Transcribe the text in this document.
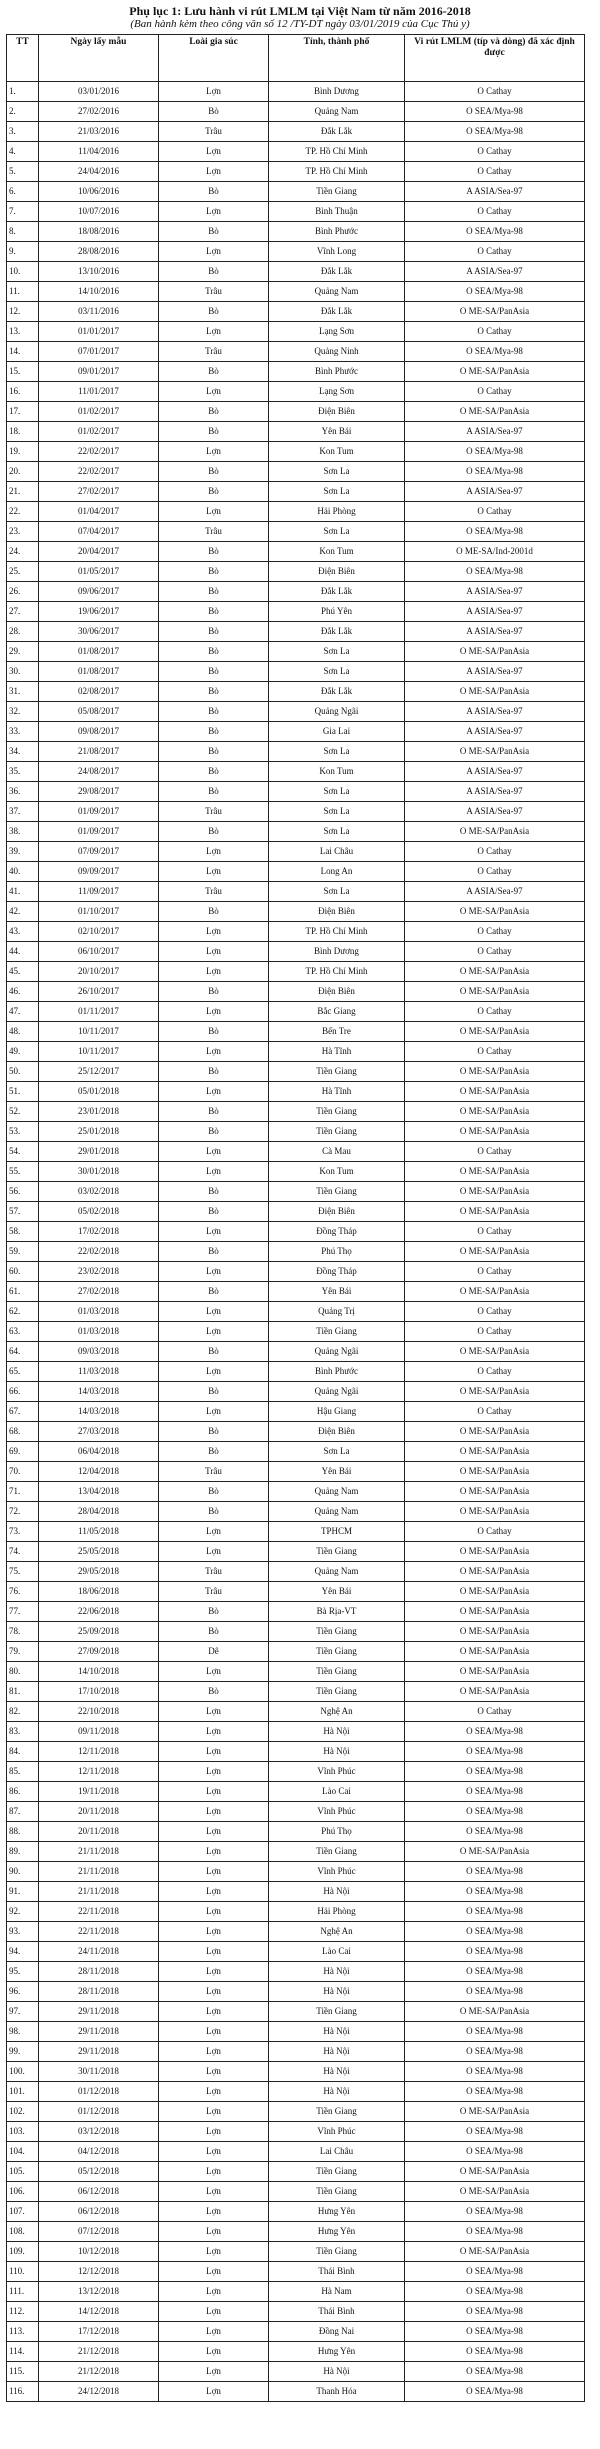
Phụ lục 1: Lưu hành vi rút LMLM tại Việt Nam từ năm 2016-2018
(Ban hành kèm theo công văn số 12 /TY-DT ngày 03/01/2019 của Cục Thú y)
TT	Ngày lấy mẫu	Loài gia súc	Tỉnh, thành phố	Vi rút LMLM (típ và dòng) đã xác định được
1.	03/01/2016	Lợn	Bình Dương	O Cathay
2.	27/02/2016	Bò	Quảng Nam	O SEA/Mya-98
3.	21/03/2016	Trâu	Đắk Lắk	O SEA/Mya-98
4.	11/04/2016	Lợn	TP. Hồ Chí Minh	O Cathay
5.	24/04/2016	Lợn	TP. Hồ Chí Minh	O Cathay
6.	10/06/2016	Bò	Tiền Giang	A ASIA/Sea-97
7.	10/07/2016	Lợn	Bình Thuận	O Cathay
8.	18/08/2016	Bò	Bình Phước	O SEA/Mya-98
9.	28/08/2016	Lợn	Vĩnh Long	O Cathay
10.	13/10/2016	Bò	Đắk Lắk	A ASIA/Sea-97
11.	14/10/2016	Trâu	Quảng Nam	O SEA/Mya-98
12.	03/11/2016	Bò	Đắk Lắk	O ME-SA/PanAsia
13.	01/01/2017	Lợn	Lạng Sơn	O Cathay
14.	07/01/2017	Trâu	Quảng Ninh	O SEA/Mya-98
15.	09/01/2017	Bò	Bình Phước	O ME-SA/PanAsia
16.	11/01/2017	Lợn	Lạng Sơn	O Cathay
17.	01/02/2017	Bò	Điện Biên	O ME-SA/PanAsia
18.	01/02/2017	Bò	Yên Bái	A ASIA/Sea-97
19.	22/02/2017	Lợn	Kon Tum	O SEA/Mya-98
20.	22/02/2017	Bò	Sơn La	O SEA/Mya-98
21.	27/02/2017	Bò	Sơn La	A ASIA/Sea-97
22.	01/04/2017	Lợn	Hải Phòng	O Cathay
23.	07/04/2017	Trâu	Sơn La	O SEA/Mya-98
24.	20/04/2017	Bò	Kon Tum	O ME-SA/Ind-2001d
25.	01/05/2017	Bò	Điện Biên	O SEA/Mya-98
26.	09/06/2017	Bò	Đắk Lắk	A ASIA/Sea-97
27.	19/06/2017	Bò	Phú Yên	A ASIA/Sea-97
28.	30/06/2017	Bò	Đắk Lắk	A ASIA/Sea-97
29.	01/08/2017	Bò	Sơn La	O ME-SA/PanAsia
30.	01/08/2017	Bò	Sơn La	A ASIA/Sea-97
31.	02/08/2017	Bò	Đắk Lắk	O ME-SA/PanAsia
32.	05/08/2017	Bò	Quảng Ngãi	A ASIA/Sea-97
33.	09/08/2017	Bò	Gia Lai	A ASIA/Sea-97
34.	21/08/2017	Bò	Sơn La	O ME-SA/PanAsia
35.	24/08/2017	Bò	Kon Tum	A ASIA/Sea-97
36.	29/08/2017	Bò	Sơn La	A ASIA/Sea-97
37.	01/09/2017	Trâu	Sơn La	A ASIA/Sea-97
38.	01/09/2017	Bò	Sơn La	O ME-SA/PanAsia
39.	07/09/2017	Lợn	Lai Châu	O Cathay
40.	09/09/2017	Lợn	Long An	O Cathay
41.	11/09/2017	Trâu	Sơn La	A ASIA/Sea-97
42.	01/10/2017	Bò	Điện Biên	O ME-SA/PanAsia
43.	02/10/2017	Lợn	TP. Hồ Chí Minh	O Cathay
44.	06/10/2017	Lợn	Bình Dương	O Cathay
45.	20/10/2017	Lợn	TP. Hồ Chí Minh	O ME-SA/PanAsia
46.	26/10/2017	Bò	Điện Biên	O ME-SA/PanAsia
47.	01/11/2017	Lợn	Bắc Giang	O Cathay
48.	10/11/2017	Bò	Bến Tre	O ME-SA/PanAsia
49.	10/11/2017	Lợn	Hà Tĩnh	O Cathay
50.	25/12/2017	Bò	Tiền Giang	O ME-SA/PanAsia
51.	05/01/2018	Lợn	Hà Tĩnh	O ME-SA/PanAsia
52.	23/01/2018	Bò	Tiền Giang	O ME-SA/PanAsia
53.	25/01/2018	Bò	Tiền Giang	O ME-SA/PanAsia
54.	29/01/2018	Lợn	Cà Mau	O Cathay
55.	30/01/2018	Lợn	Kon Tum	O ME-SA/PanAsia
56.	03/02/2018	Bò	Tiền Giang	O ME-SA/PanAsia
57.	05/02/2018	Bò	Điện Biên	O ME-SA/PanAsia
58.	17/02/2018	Lợn	Đồng Tháp	O Cathay
59.	22/02/2018	Bò	Phú Thọ	O ME-SA/PanAsia
60.	23/02/2018	Lợn	Đồng Tháp	O Cathay
61.	27/02/2018	Bò	Yên Bái	O ME-SA/PanAsia
62.	01/03/2018	Lợn	Quảng Trị	O Cathay
63.	01/03/2018	Lợn	Tiền Giang	O Cathay
64.	09/03/2018	Bò	Quảng Ngãi	O ME-SA/PanAsia
65.	11/03/2018	Lợn	Bình Phước	O Cathay
66.	14/03/2018	Bò	Quảng Ngãi	O ME-SA/PanAsia
67.	14/03/2018	Lợn	Hậu Giang	O Cathay
68.	27/03/2018	Bò	Điện Biên	O ME-SA/PanAsia
69.	06/04/2018	Bò	Sơn La	O ME-SA/PanAsia
70.	12/04/2018	Trâu	Yên Bái	O ME-SA/PanAsia
71.	13/04/2018	Bò	Quảng Nam	O ME-SA/PanAsia
72.	28/04/2018	Bò	Quảng Nam	O ME-SA/PanAsia
73.	11/05/2018	Lợn	TPHCM	O Cathay
74.	25/05/2018	Lợn	Tiền Giang	O ME-SA/PanAsia
75.	29/05/2018	Trâu	Quảng Nam	O ME-SA/PanAsia
76.	18/06/2018	Trâu	Yên Bái	O ME-SA/PanAsia
77.	22/06/2018	Bò	Bà Rịa-VT	O ME-SA/PanAsia
78.	25/09/2018	Bò	Tiền Giang	O ME-SA/PanAsia
79.	27/09/2018	Dê	Tiền Giang	O ME-SA/PanAsia
80.	14/10/2018	Lợn	Tiền Giang	O ME-SA/PanAsia
81.	17/10/2018	Bò	Tiền Giang	O ME-SA/PanAsia
82.	22/10/2018	Lợn	Nghệ An	O Cathay
83.	09/11/2018	Lợn	Hà Nội	O SEA/Mya-98
84.	12/11/2018	Lợn	Hà Nội	O SEA/Mya-98
85.	12/11/2018	Lợn	Vĩnh Phúc	O SEA/Mya-98
86.	19/11/2018	Lợn	Lào Cai	O SEA/Mya-98
87.	20/11/2018	Lợn	Vĩnh Phúc	O SEA/Mya-98
88.	20/11/2018	Lợn	Phú Thọ	O SEA/Mya-98
89.	21/11/2018	Lợn	Tiền Giang	O ME-SA/PanAsia
90.	21/11/2018	Lợn	Vĩnh Phúc	O SEA/Mya-98
91.	21/11/2018	Lợn	Hà Nội	O SEA/Mya-98
92.	22/11/2018	Lợn	Hải Phòng	O SEA/Mya-98
93.	22/11/2018	Lợn	Nghệ An	O SEA/Mya-98
94.	24/11/2018	Lợn	Lào Cai	O SEA/Mya-98
95.	28/11/2018	Lợn	Hà Nội	O SEA/Mya-98
96.	28/11/2018	Lợn	Hà Nội	O SEA/Mya-98
97.	29/11/2018	Lợn	Tiền Giang	O ME-SA/PanAsia
98.	29/11/2018	Lợn	Hà Nội	O SEA/Mya-98
99.	29/11/2018	Lợn	Hà Nội	O SEA/Mya-98
100.	30/11/2018	Lợn	Hà Nội	O SEA/Mya-98
101.	01/12/2018	Lợn	Hà Nội	O SEA/Mya-98
102.	01/12/2018	Lợn	Tiền Giang	O ME-SA/PanAsia
103.	03/12/2018	Lợn	Vĩnh Phúc	O SEA/Mya-98
104.	04/12/2018	Lợn	Lai Châu	O SEA/Mya-98
105.	05/12/2018	Lợn	Tiền Giang	O ME-SA/PanAsia
106.	06/12/2018	Lợn	Tiền Giang	O ME-SA/PanAsia
107.	06/12/2018	Lợn	Hưng Yên	O SEA/Mya-98
108.	07/12/2018	Lợn	Hưng Yên	O SEA/Mya-98
109.	10/12/2018	Lợn	Tiền Giang	O ME-SA/PanAsia
110.	12/12/2018	Lợn	Thái Bình	O SEA/Mya-98
111.	13/12/2018	Lợn	Hà Nam	O SEA/Mya-98
112.	14/12/2018	Lợn	Thái Bình	O SEA/Mya-98
113.	17/12/2018	Lợn	Đồng Nai	O SEA/Mya-98
114.	21/12/2018	Lợn	Hưng Yên	O SEA/Mya-98
115.	21/12/2018	Lợn	Hà Nội	O SEA/Mya-98
116.	24/12/2018	Lợn	Thanh Hóa	O SEA/Mya-98
